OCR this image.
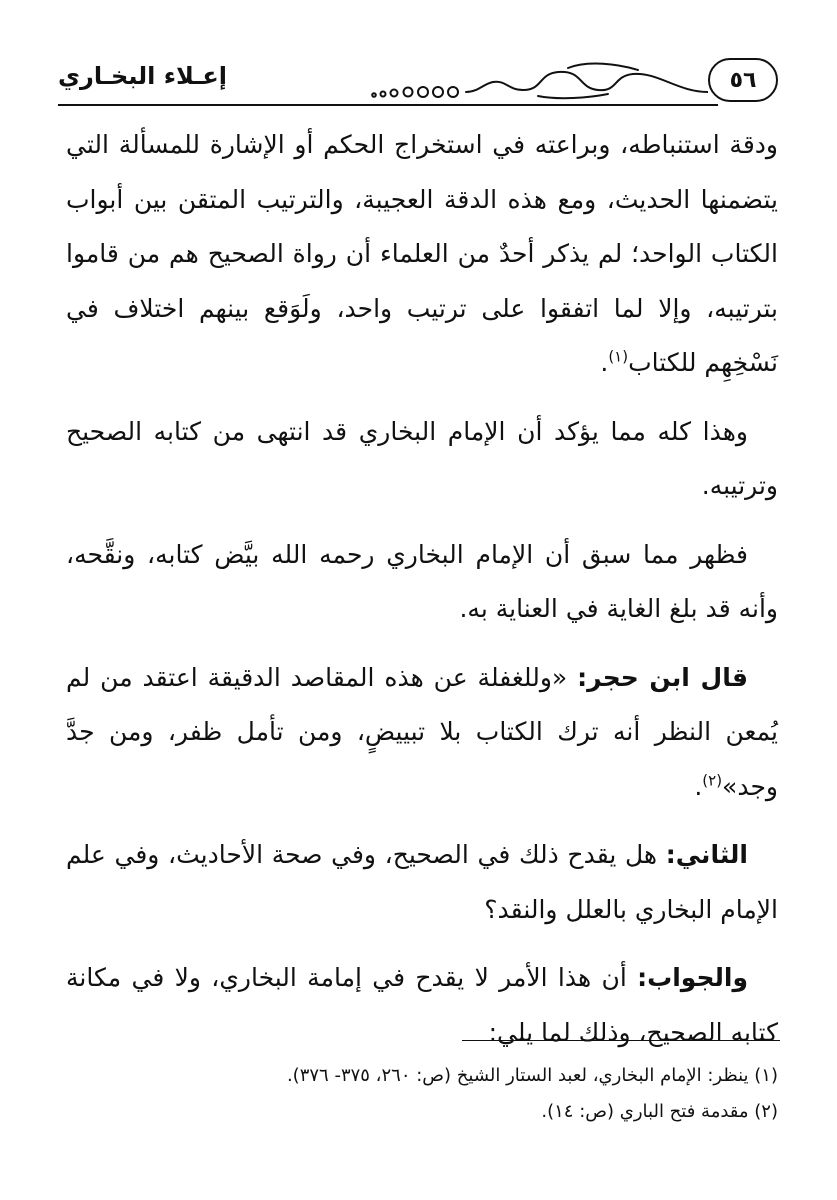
٥٦
إعـلاء البخـاري

ودقة استنباطه، وبراعته في استخراج الحكم أو الإشارة للمسألة التي يتضمنها الحديث، ومع هذه الدقة العجيبة، والترتيب المتقن بين أبواب الكتاب الواحد؛ لم يذكر أحدٌ من العلماء أن رواة الصحيح هم من قاموا بترتيبه، وإلا لما اتفقوا على ترتيب واحد، ولَوَقع بينهم اختلاف في نَسْخِهِم للكتاب$^{(١)}$.

وهذا كله مما يؤكد أن الإمام البخاري قد انتهى من كتابه الصحيح وترتيبه.

فظهر مما سبق أن الإمام البخاري رحمه الله بيَّض كتابه، ونقَّحه، وأنه قد بلغ الغاية في العناية به.

قال ابن حجر: «وللغفلة عن هذه المقاصد الدقيقة اعتقد من لم يُمعن النظر أنه ترك الكتاب بلا تبييضٍ، ومن تأمل ظفر، ومن جدَّ وجد»$^{(٢)}$.

الثاني: هل يقدح ذلك في الصحيح، وفي صحة الأحاديث، وفي علم الإمام البخاري بالعلل والنقد؟

والجواب: أن هذا الأمر لا يقدح في إمامة البخاري، ولا في مكانة كتابه الصحيح، وذلك لما يلي:

(١) ينظر: الإمام البخاري، لعبد الستار الشيخ (ص: ٢٦٠، ٣٧٥- ٣٧٦).
(٢) مقدمة فتح الباري (ص: ١٤).
